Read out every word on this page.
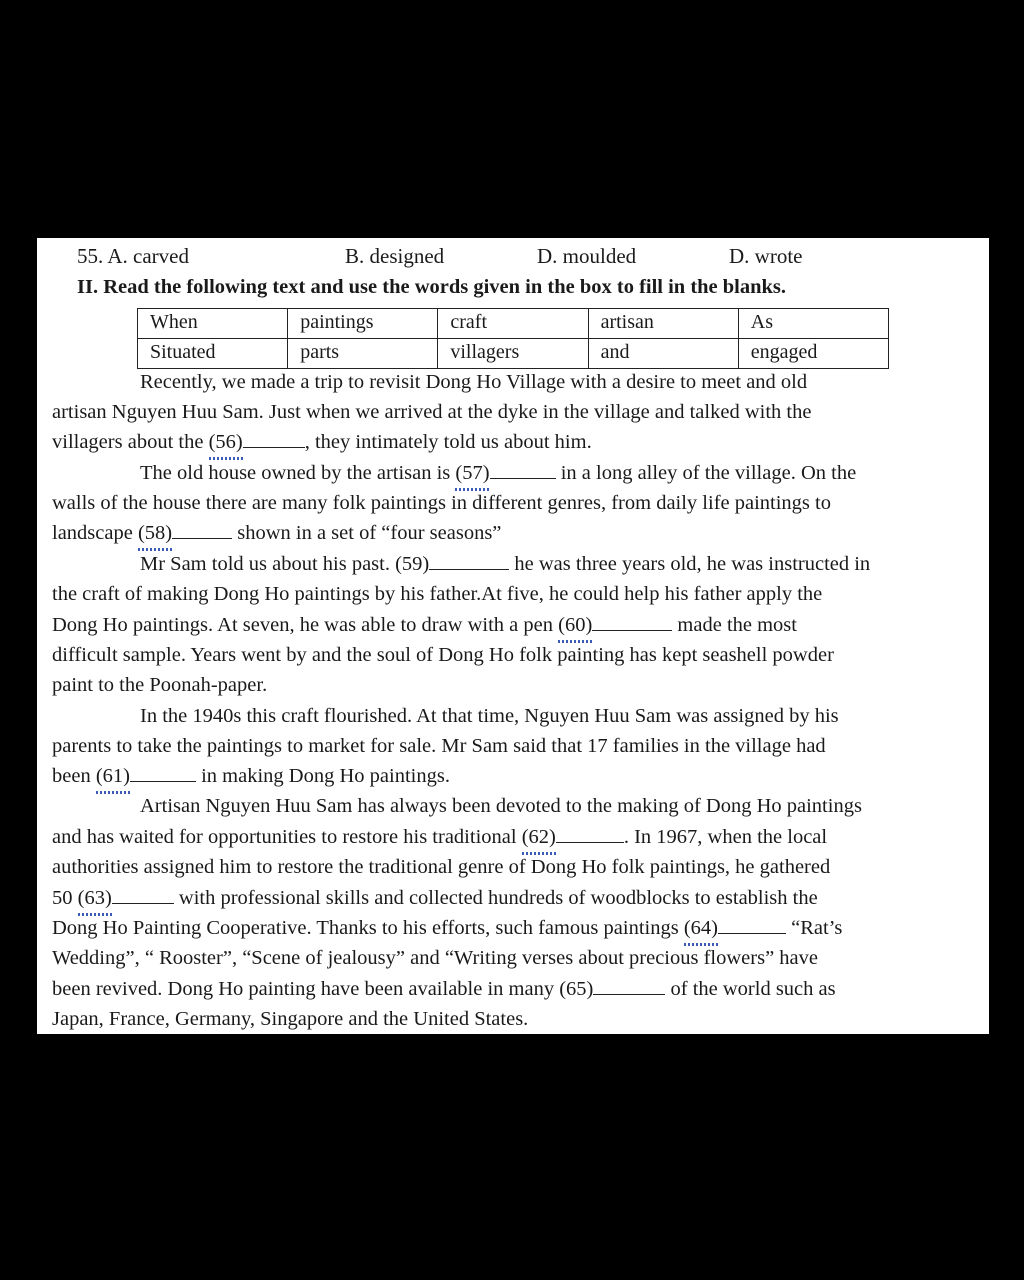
55. A. carved	B. designed	D. moulded	D. wrote
II. Read the following text and use the words given in the box to fill in the blanks.
When	paintings	craft	artisan	As
Situated	parts	villagers	and	engaged
Recently, we made a trip to revisit Dong Ho Village with a desire to meet and old
artisan Nguyen Huu Sam. Just when we arrived at the dyke in the village and talked with the
villagers about the (56)	, they intimately told us about him.
The old house owned by the artisan is (57)	in a long alley of the village. On the
walls of the house there are many folk paintings in different genres, from daily life paintings to
landscape (58)	shown in a set of “four seasons”
Mr Sam told us about his past. (59)	he was three years old, he was instructed in
the craft of making Dong Ho paintings by his father.At five, he could help his father apply the
Dong Ho paintings. At seven, he was able to draw with a pen (60)	made the most
difficult sample. Years went by and the soul of Dong Ho folk painting has kept seashell powder
paint to the Poonah-paper.
In the 1940s this craft flourished. At that time, Nguyen Huu Sam was assigned by his
parents to take the paintings to market for sale. Mr Sam said that 17 families in the village had
been (61)	in making Dong Ho paintings.
Artisan Nguyen Huu Sam has always been devoted to the making of Dong Ho paintings
and has waited for opportunities to restore his traditional (62)	. In 1967, when the local
authorities assigned him to restore the traditional genre of Dong Ho folk paintings, he gathered
50 (63)	with professional skills and collected hundreds of woodblocks to establish the
Dong Ho Painting Cooperative. Thanks to his efforts, such famous paintings (64)	“Rat’s
Wedding”, “ Rooster”, “Scene of jealousy” and “Writing verses about precious flowers” have
been revived. Dong Ho painting have been available in many (65)	of the world such as
Japan, France, Germany, Singapore and the United States.
